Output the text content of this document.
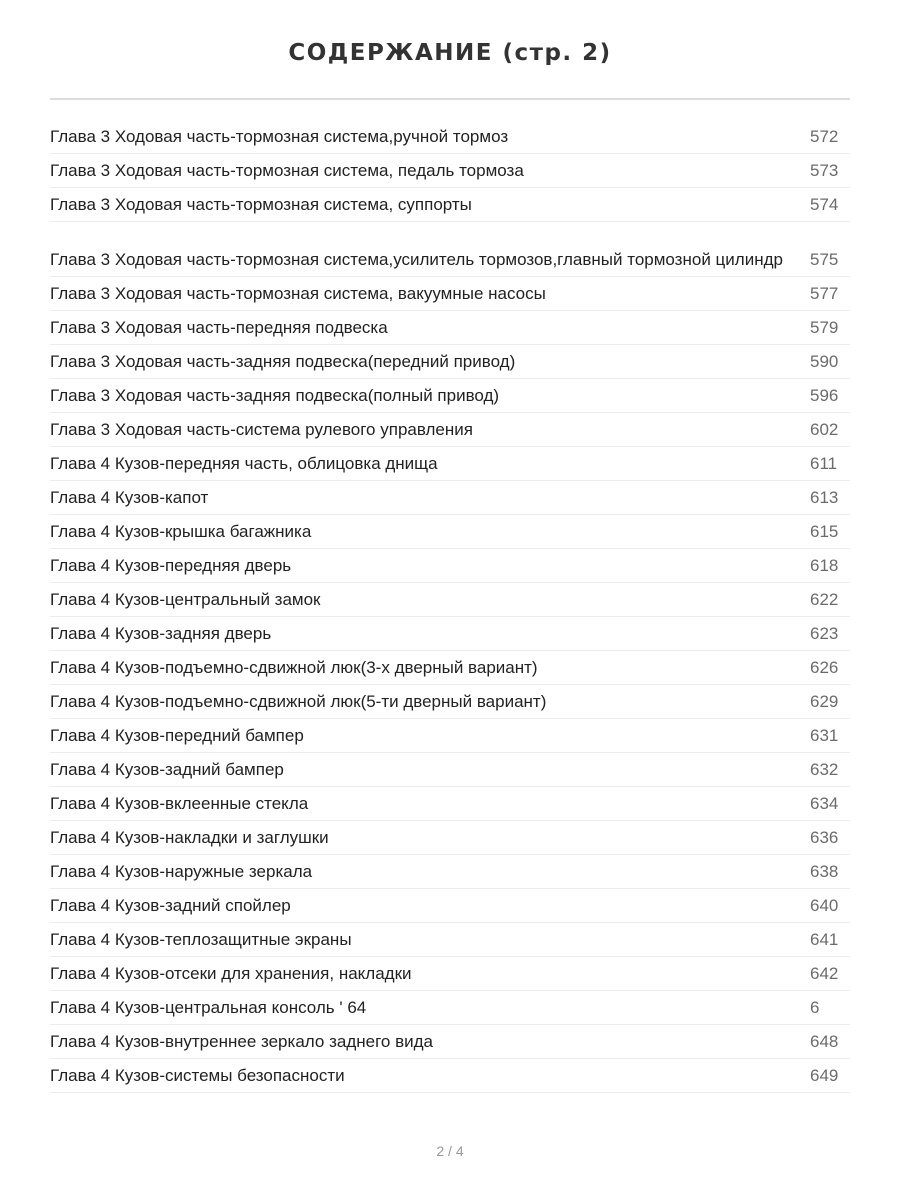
СОДЕРЖАНИЕ (стр. 2)
Глава 3 Ходовая часть-тормозная система,ручной тормоз	572
Глава 3 Ходовая часть-тормозная система, педаль тормоза	573
Глава 3 Ходовая часть-тормозная система, суппорты	574
Глава 3 Ходовая часть-тормозная система,усилитель тормозов,главный тормозной цилиндр	575
Глава 3 Ходовая часть-тормозная система, вакуумные насосы	577
Глава 3 Ходовая часть-передняя подвеска	579
Глава 3 Ходовая часть-задняя подвеска(передний привод)	590
Глава 3 Ходовая часть-задняя подвеска(полный привод)	596
Глава 3 Ходовая часть-система рулевого управления	602
Глава 4 Кузов-передняя часть, облицовка днища	611
Глава 4 Кузов-капот	613
Глава 4 Кузов-крышка багажника	615
Глава 4 Кузов-передняя дверь	618
Глава 4 Кузов-центральный замок	622
Глава 4 Кузов-задняя дверь	623
Глава 4 Кузов-подъемно-сдвижной люк(3-х дверный вариант)	626
Глава 4 Кузов-подъемно-сдвижной люк(5-ти дверный вариант)	629
Глава 4 Кузов-передний бампер	631
Глава 4 Кузов-задний бампер	632
Глава 4 Кузов-вклеенные стекла	634
Глава 4 Кузов-накладки и заглушки	636
Глава 4 Кузов-наружные зеркала	638
Глава 4 Кузов-задний спойлер	640
Глава 4 Кузов-теплозащитные экраны	641
Глава 4 Кузов-отсеки для хранения, накладки	642
Глава 4 Кузов-центральная консоль ' 64	6
Глава 4 Кузов-внутреннее зеркало заднего вида	648
Глава 4 Кузов-системы безопасности	649
2 / 4
